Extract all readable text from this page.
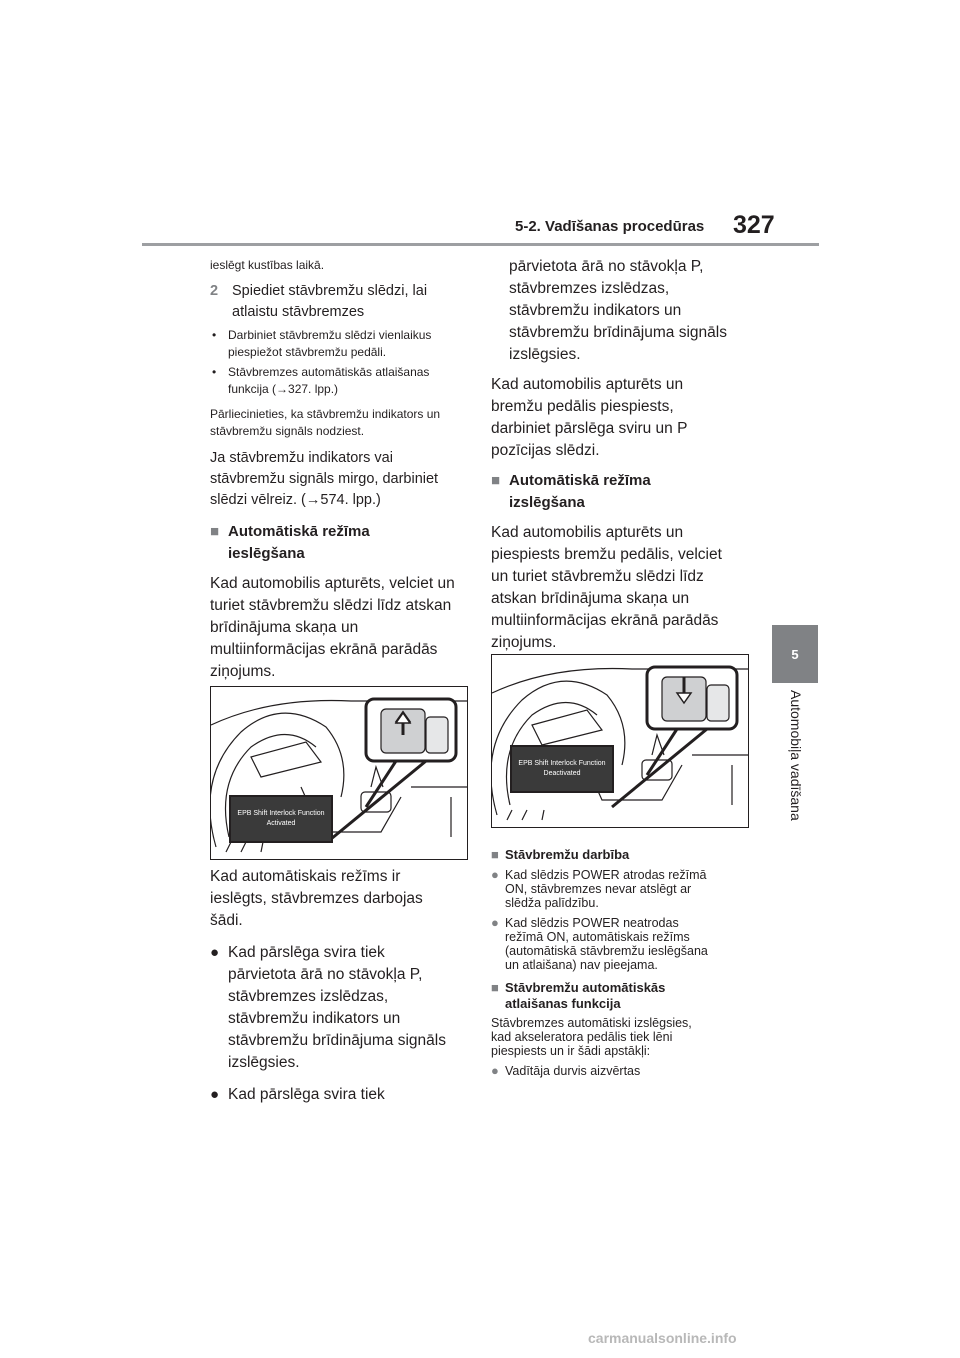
5-2. Vadīšanas procedūras 327
5
Automobiļa vadīšana

ieslēgt kustības laikā.

2 Spiediet stāvbremžu slēdzi, lai
atlaistu stāvbremzes
• Darbiniet stāvbremžu slēdzi vienlaikus
piespiežot stāvbremžu pedāli.
• Stāvbremzes automātiskās atlaišanas
funkcija (→327. lpp.)
Pārliecinieties, ka stāvbremžu indikators un
stāvbremžu signāls nodziest.
Ja stāvbremžu indikators vai
stāvbremžu signāls mirgo, darbiniet
slēdzi vēlreiz. (→574. lpp.)
■ Automātiskā režīma
ieslēgšana
Kad automobilis apturēts, velciet un
turiet stāvbremžu slēdzi līdz atskan
brīdinājuma skaņa un
multiinformācijas ekrānā parādās
ziņojums.
EPB Shift Interlock Function
Activated
Kad automātiskais režīms ir
ieslēgts, stāvbremzes darbojas
šādi.
● Kad pārslēga svira tiek
pārvietota ārā no stāvokļa P,
stāvbremzes izslēdzas,
stāvbremžu indikators un
stāvbremžu brīdinājuma signāls
izslēgsies.
● Kad pārslēga svira tiek
pārvietota ārā no stāvokļa P,
stāvbremzes izslēdzas,
stāvbremžu indikators un
stāvbremžu brīdinājuma signāls
izslēgsies.
Kad automobilis apturēts un
bremžu pedālis piespiests,
darbiniet pārslēga sviru un P
pozīcijas slēdzi.
■ Automātiskā režīma
izslēgšana
Kad automobilis apturēts un
piespiests bremžu pedālis, velciet
un turiet stāvbremžu slēdzi līdz
atskan brīdinājuma skaņa un
multiinformācijas ekrānā parādās
ziņojums.
EPB Shift Interlock Function
Deactivated
■ Stāvbremžu darbība
● Kad slēdzis POWER atrodas režīmā
ON, stāvbremzes nevar atslēgt ar
slēdža palīdzību.
● Kad slēdzis POWER neatrodas
režīmā ON, automātiskais režīms
(automātiskā stāvbremžu ieslēgšana
un atlaišana) nav pieejama.
■ Stāvbremžu automātiskās
atlaišanas funkcija
Stāvbremzes automātiski izslēgsies,
kad akseleratora pedālis tiek lēni
piespiests un ir šādi apstākļi:
● Vadītāja durvis aizvērtas
carmanualsonline.info
